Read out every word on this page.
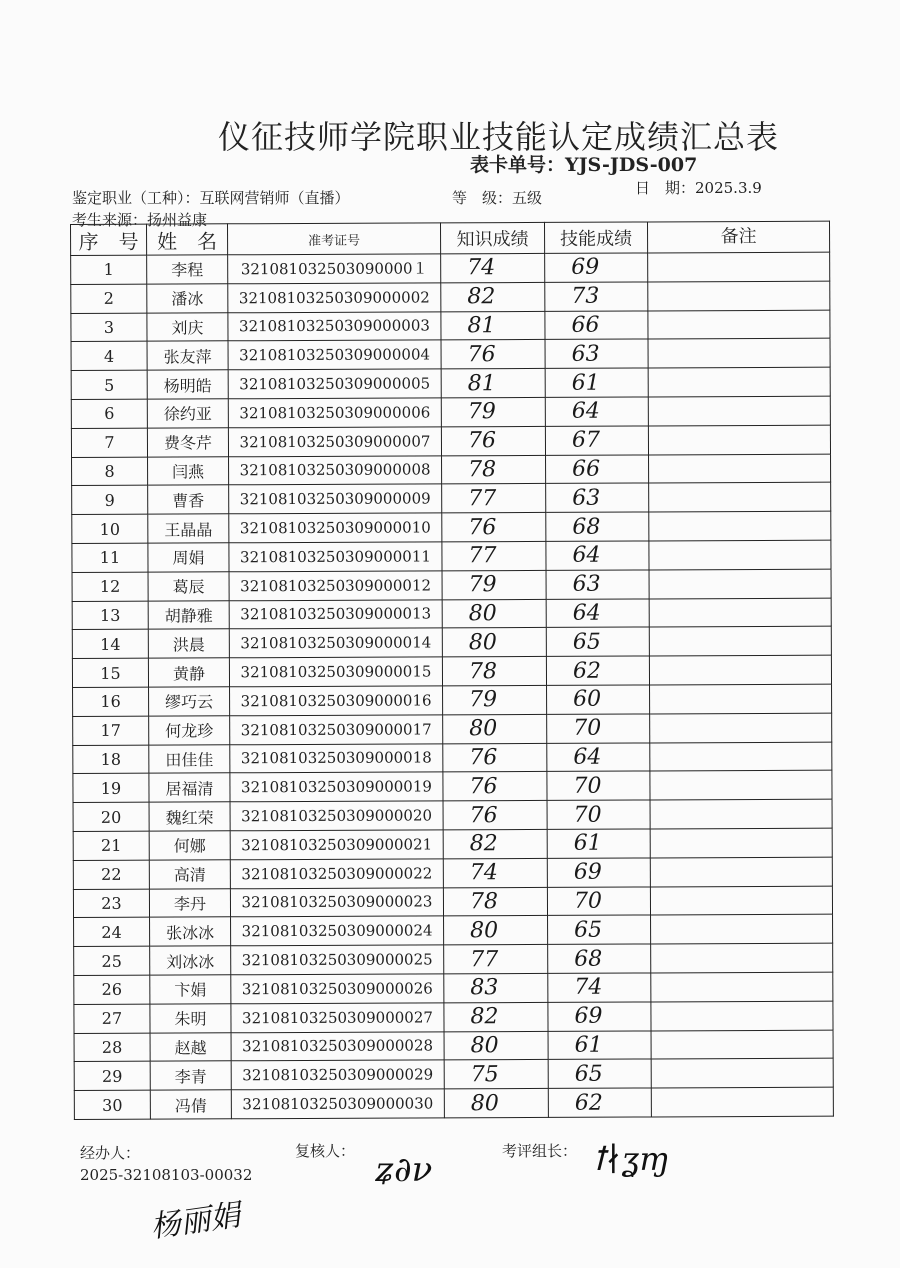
仪征技师学院职业技能认定成绩汇总表
表卡单号：YJS-JDS-007
鉴定职业（工种）：互联网营销师（直播）	等　级：五级
日　期：2025.3.9
考生来源：扬州益康
序　号	姓　名	准考证号	知识成绩	技能成绩	备注
1	李程	321081032503090000１	74	69	
2	潘冰	32108103250309000002	82	73	
3	刘庆	32108103250309000003	81	66	
4	张友萍	32108103250309000004	76	63	
5	杨明皓	32108103250309000005	81	61	
6	徐约亚	32108103250309000006	79	64	
7	费冬芹	32108103250309000007	76	67	
8	闫燕	32108103250309000008	78	66	
9	曹香	32108103250309000009	77	63	
10	王晶晶	32108103250309000010	76	68	
11	周娟	32108103250309000011	77	64	
12	葛辰	32108103250309000012	79	63	
13	胡静雅	32108103250309000013	80	64	
14	洪晨	32108103250309000014	80	65	
15	黄静	32108103250309000015	78	62	
16	缪巧云	32108103250309000016	79	60	
17	何龙珍	32108103250309000017	80	70	
18	田佳佳	32108103250309000018	76	64	
19	居福清	32108103250309000019	76	70	
20	魏红荣	32108103250309000020	76	70	
21	何娜	32108103250309000021	82	61	
22	高清	32108103250309000022	74	69	
23	李丹	32108103250309000023	78	70	
24	张冰冰	32108103250309000024	80	65	
25	刘冰冰	32108103250309000025	77	68	
26	卞娟	32108103250309000026	83	74	
27	朱明	32108103250309000027	82	69	
28	赵越	32108103250309000028	80	61	
29	李青	32108103250309000029	75	65	
30	冯倩	32108103250309000030	80	62	
经办人：
2025-32108103-00032
杨丽娟
复核人： ʑ∂ν	考评组长： ꝉ∤ʓɱ
